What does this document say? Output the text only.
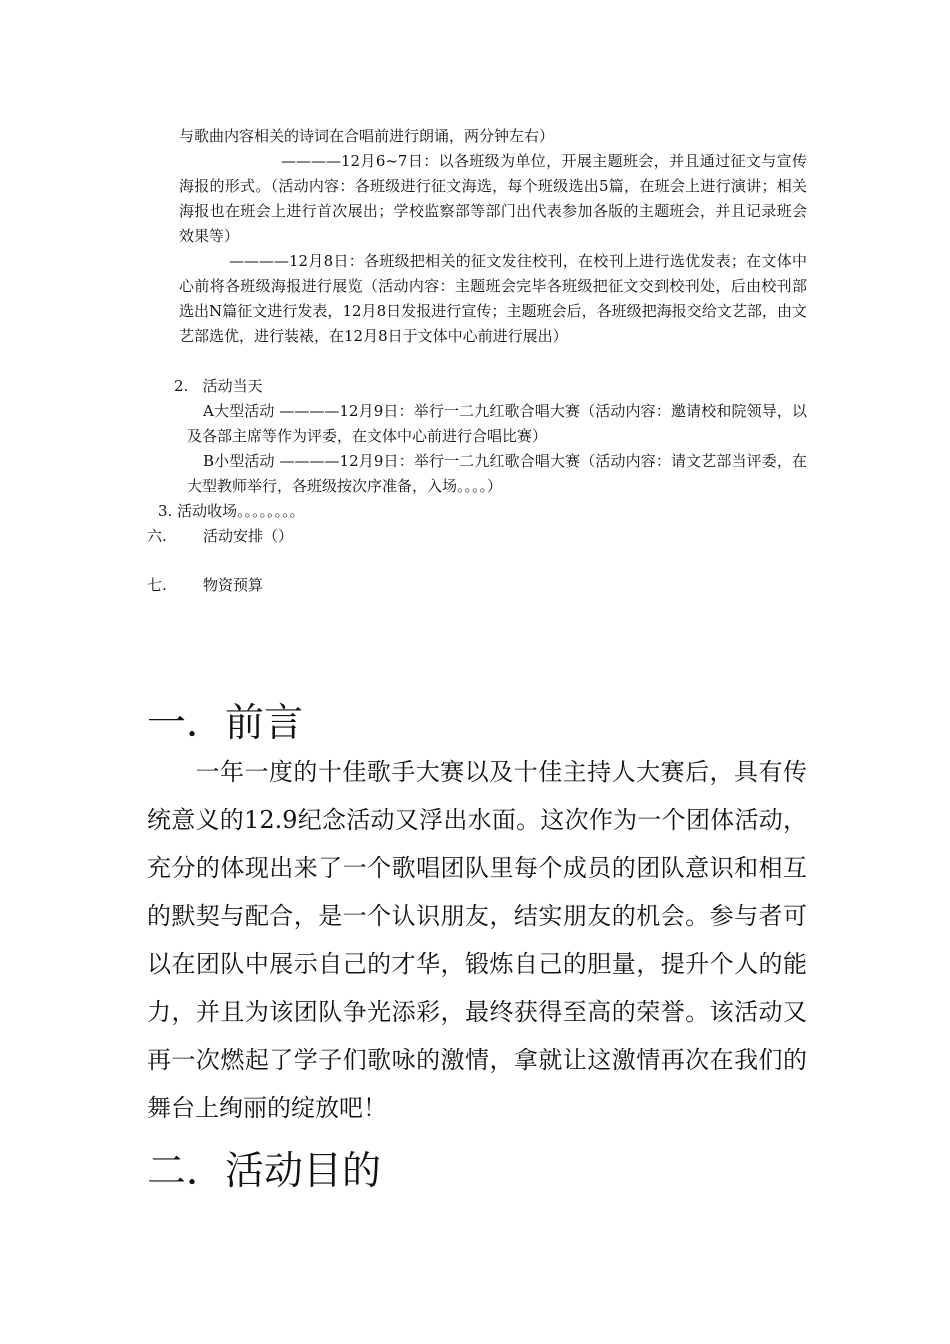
与歌曲内容相关的诗词在合唱前进行朗诵，两分钟左右）

————12月6~7日：以各班级为单位，开展主题班会，并且通过征文与宣传海报的形式。（活动内容：各班级进行征文海选，每个班级选出5篇，在班会上进行演讲；相关海报也在班会上进行首次展出；学校监察部等部门出代表参加各版的主题班会，并且记录班会效果等）

————12月8日：各班级把相关的征文发往校刊，在校刊上进行选优发表；在文体中心前将各班级海报进行展览（活动内容：主题班会完毕各班级把征文交到校刊处，后由校刊部选出N篇征文进行发表，12月8日发报进行宣传；主题班会后，各班级把海报交给文艺部，由文艺部选优，进行装裱，在12月8日于文体中心前进行展出）

2.   活动当天

A大型活动 ————12月9日：举行一二九红歌合唱大赛（活动内容：邀请校和院领导，以及各部主席等作为评委，在文体中心前进行合唱比赛）

B小型活动 ————12月9日：举行一二九红歌合唱大赛（活动内容：请文艺部当评委，在大型教师举行，各班级按次序准备，入场。。。。）

3. 活动收场。。。。。。。。

六. 活动安排（）

七. 物资预算

一．前言

一年一度的十佳歌手大赛以及十佳主持人大赛后，具有传统意义的12.9纪念活动又浮出水面。这次作为一个团体活动，充分的体现出来了一个歌唱团队里每个成员的团队意识和相互的默契与配合，是一个认识朋友，结实朋友的机会。参与者可以在团队中展示自己的才华，锻炼自己的胆量，提升个人的能力，并且为该团队争光添彩，最终获得至高的荣誉。该活动又再一次燃起了学子们歌咏的激情，拿就让这激情再次在我们的舞台上绚丽的绽放吧！

二．活动目的
